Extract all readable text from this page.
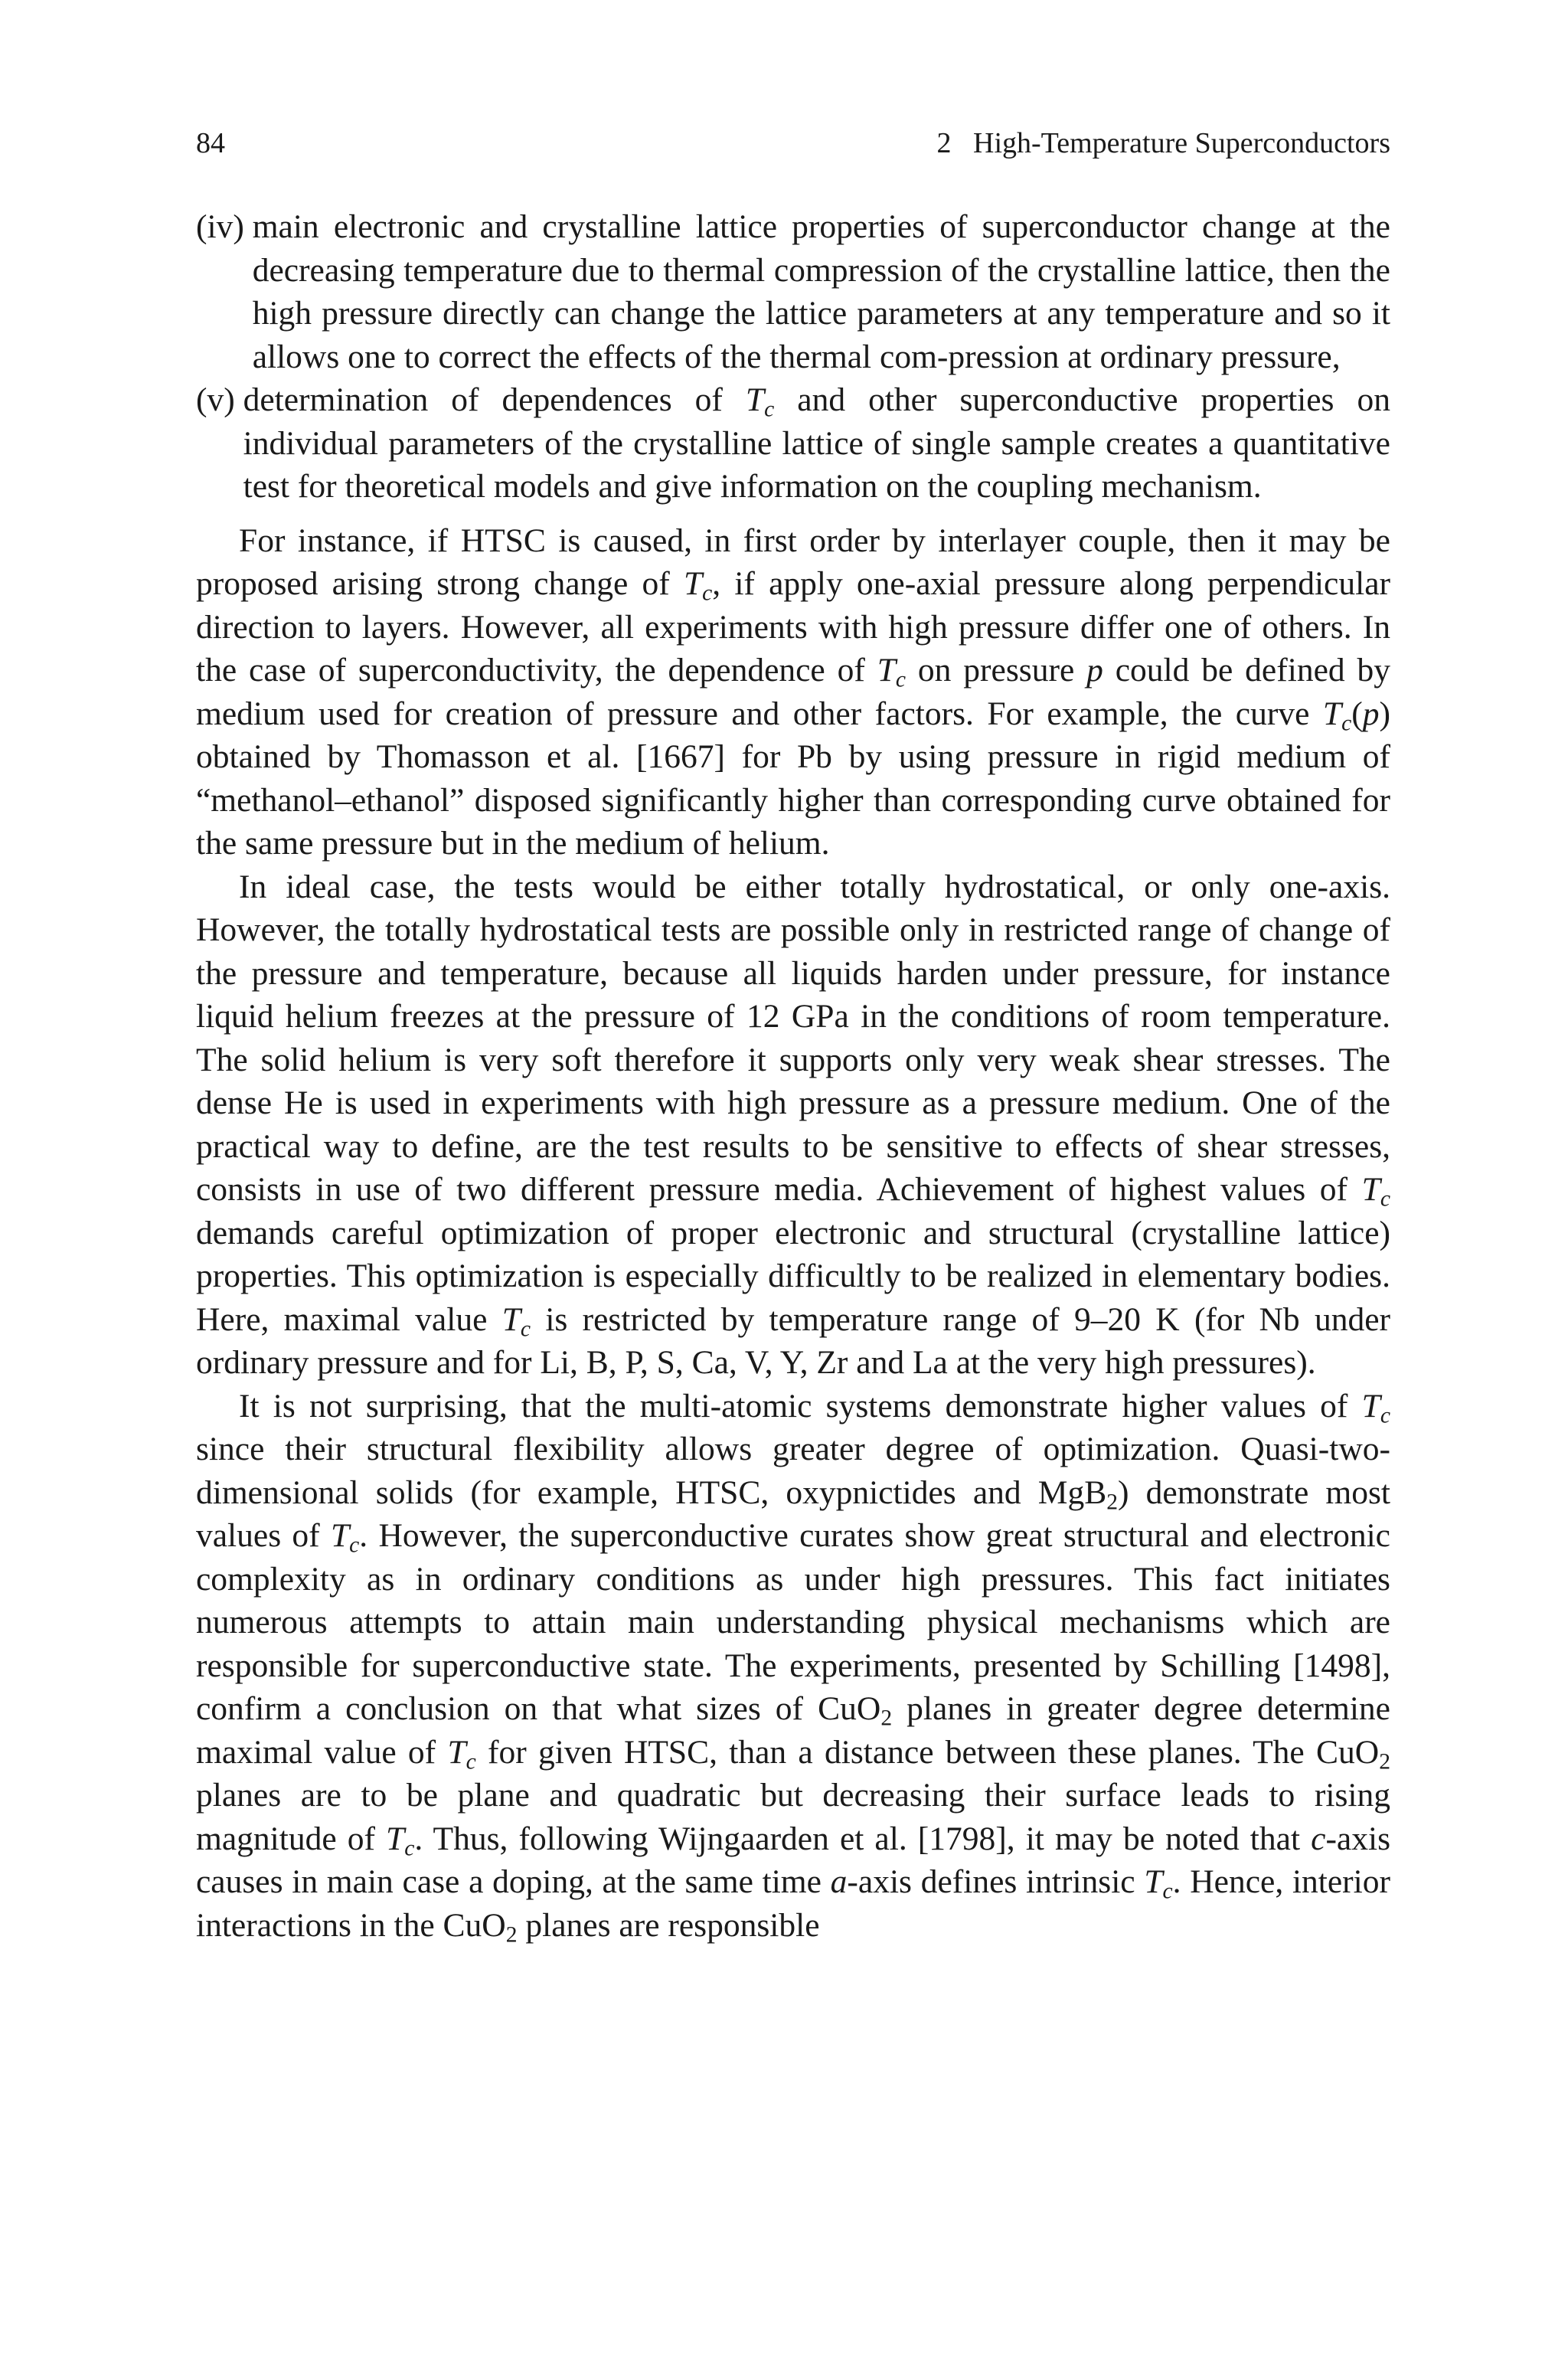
84	2   High-Temperature Superconductors
(iv) main electronic and crystalline lattice properties of superconductor change at the decreasing temperature due to thermal compression of the crystalline lattice, then the high pressure directly can change the lattice parameters at any temperature and so it allows one to correct the effects of the thermal com-pression at ordinary pressure,
(v) determination of dependences of $T_c$ and other superconductive properties on individual parameters of the crystalline lattice of single sample creates a quantitative test for theoretical models and give information on the coupling mechanism.

For instance, if HTSC is caused, in first order by interlayer couple, then it may be proposed arising strong change of $T_c$, if apply one-axial pressure along perpendicular direction to layers. However, all experiments with high pressure differ one of others. In the case of superconductivity, the dependence of $T_c$ on pressure p could be defined by medium used for creation of pressure and other factors. For example, the curve $T_c(p)$ obtained by Thomasson et al. [1667] for Pb by using pressure in rigid medium of “methanol–ethanol” disposed significantly higher than corresponding curve obtained for the same pressure but in the medium of helium.

In ideal case, the tests would be either totally hydrostatical, or only one-axis. However, the totally hydrostatical tests are possible only in restricted range of change of the pressure and temperature, because all liquids harden under pressure, for instance liquid helium freezes at the pressure of 12 GPa in the conditions of room temperature. The solid helium is very soft therefore it supports only very weak shear stresses. The dense He is used in experiments with high pressure as a pressure medium. One of the practical way to define, are the test results to be sensitive to effects of shear stresses, consists in use of two different pressure media. Achievement of highest values of $T_c$ demands careful optimization of proper electronic and structural (crystalline lattice) properties. This optimization is especially difficultly to be realized in elementary bodies. Here, maximal value $T_c$ is restricted by temperature range of 9–20 K (for Nb under ordinary pressure and for Li, B, P, S, Ca, V, Y, Zr and La at the very high pressures).

It is not surprising, that the multi-atomic systems demonstrate higher values of $T_c$ since their structural flexibility allows greater degree of optimization. Quasi-two-dimensional solids (for example, HTSC, oxypnictides and MgB$_2$) demonstrate most values of $T_c$. However, the superconductive curates show great structural and electronic complexity as in ordinary conditions as under high pressures. This fact initiates numerous attempts to attain main understanding physical mechanisms which are responsible for superconductive state. The experiments, presented by Schilling [1498], confirm a conclusion on that what sizes of CuO$_2$ planes in greater degree determine maximal value of $T_c$ for given HTSC, than a distance between these planes. The CuO$_2$ planes are to be plane and quadratic but decreasing their surface leads to rising magnitude of $T_c$. Thus, following Wijngaarden et al. [1798], it may be noted that c-axis causes in main case a doping, at the same time a-axis defines intrinsic $T_c$. Hence, interior interactions in the CuO$_2$ planes are responsible
